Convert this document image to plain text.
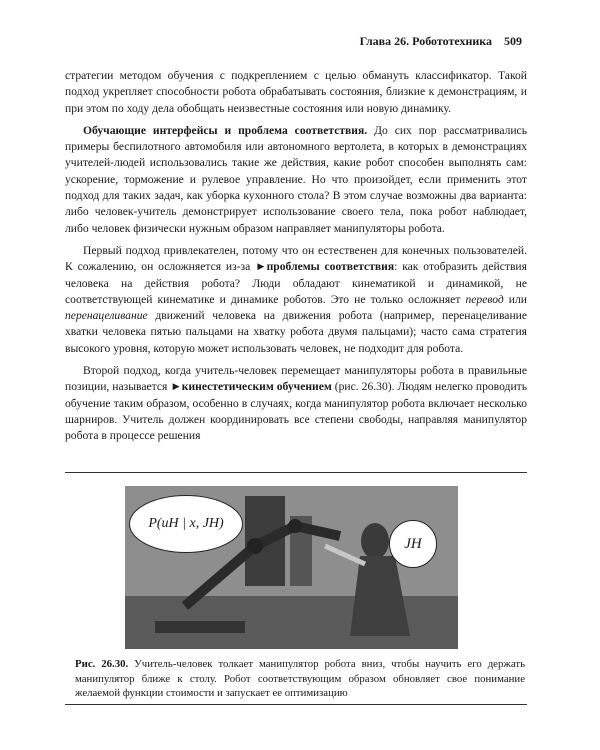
Глава 26. Робототехника 509

стратегии методом обучения с подкреплением с целью обмануть классификатор. Такой подход укрепляет способности робота обрабатывать состояния, близкие к демонстрациям, и при этом по ходу дела обобщать неизвестные состояния или новую динамику.

Обучающие интерфейсы и проблема соответствия. До сих пор рассматривались примеры беспилотного автомобиля или автономного вертолета, в которых в демонстрациях учителей-людей использовались такие же действия, какие робот способен выполнять сам: ускорение, торможение и рулевое управление. Но что произойдет, если применить этот подход для таких задач, как уборка кухонного стола? В этом случае возможны два варианта: либо человек-учитель демонстрирует использование своего тела, пока робот наблюдает, либо человек физически нужным образом направляет манипуляторы робота.

Первый подход привлекателен, потому что он естественен для конечных пользователей. К сожалению, он осложняется из-за ►проблемы соответствия: как отобразить действия человека на действия робота? Люди обладают кинематикой и динамикой, не соответствующей кинематике и динамике роботов. Это не только осложняет перевод или перенацеливание движений человека на движения робота (например, перенацеливание хватки человека пятью пальцами на хватку робота двумя пальцами); часто сама стратегия высокого уровня, которую может использовать человек, не подходит для робота.

Второй подход, когда учитель-человек перемещает манипуляторы робота в правильные позиции, называется ►кинестетическим обучением (рис. 26.30). Людям нелегко проводить обучение таким образом, особенно в случаях, когда манипулятор робота включает несколько шарниров. Учитель должен координировать все степени свободы, направляя манипулятор робота в процессе решения

P(uH | x, JH)
JH
Рис. 26.30. Учитель-человек толкает манипулятор робота вниз, чтобы научить его держать манипулятор ближе к столу. Робот соответствующим образом обновляет свое понимание желаемой функции стоимости и запускает ее оптимизацию
